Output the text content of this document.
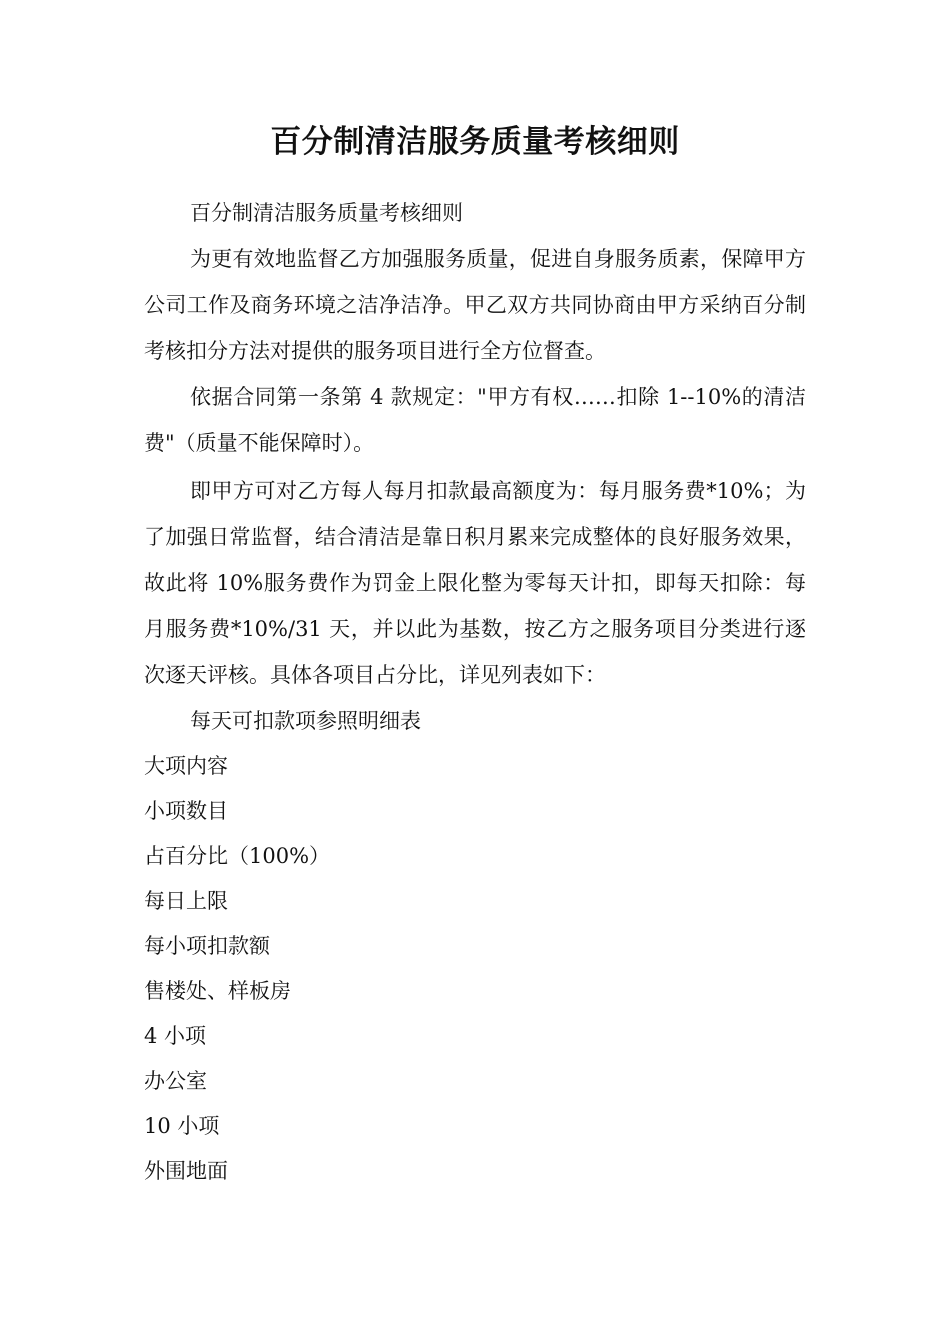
百分制清洁服务质量考核细则

百分制清洁服务质量考核细则

为更有效地监督乙方加强服务质量，促进自身服务质素，保障甲方公司工作及商务环境之洁净洁净。甲乙双方共同协商由甲方采纳百分制考核扣分方法对提供的服务项目进行全方位督查。

依据合同第一条第 4 款规定："甲方有权……扣除 1--10%的清洁费"（质量不能保障时）。

即甲方可对乙方每人每月扣款最高额度为：每月服务费*10%；为了加强日常监督，结合清洁是靠日积月累来完成整体的良好服务效果，故此将 10%服务费作为罚金上限化整为零每天计扣，即每天扣除：每月服务费*10%/31 天，并以此为基数，按乙方之服务项目分类进行逐次逐天评核。具体各项目占分比，详见列表如下：

每天可扣款项参照明细表

大项内容

小项数目

占百分比（100%）

每日上限

每小项扣款额

售楼处、样板房

4 小项

办公室

10 小项

外围地面
